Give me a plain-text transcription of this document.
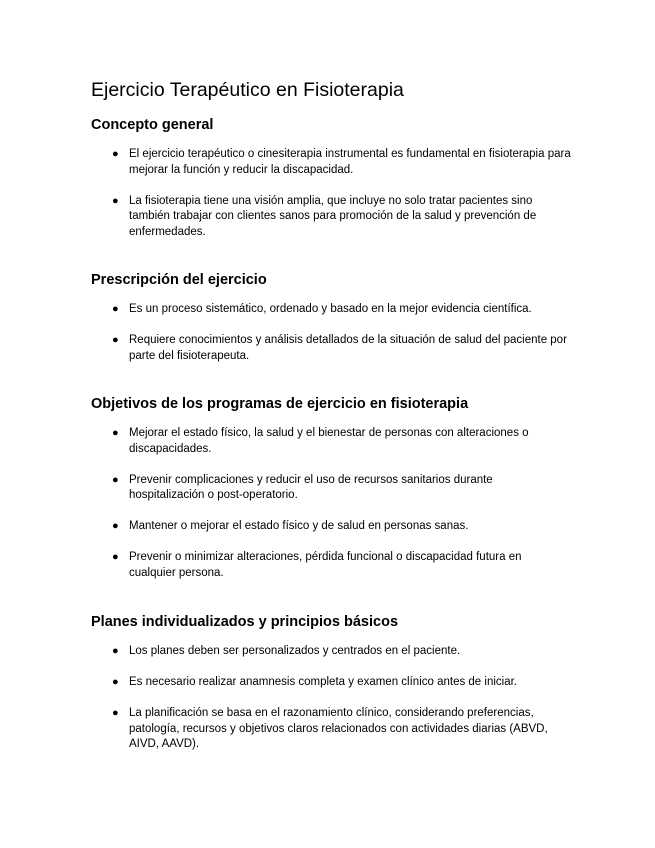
Ejercicio Terapéutico en Fisioterapia
Concepto general
● El ejercicio terapéutico o cinesiterapia instrumental es fundamental en fisioterapia para mejorar la función y reducir la discapacidad.
● La fisioterapia tiene una visión amplia, que incluye no solo tratar pacientes sino también trabajar con clientes sanos para promoción de la salud y prevención de enfermedades.
Prescripción del ejercicio
● Es un proceso sistemático, ordenado y basado en la mejor evidencia científica.
● Requiere conocimientos y análisis detallados de la situación de salud del paciente por parte del fisioterapeuta.
Objetivos de los programas de ejercicio en fisioterapia
● Mejorar el estado físico, la salud y el bienestar de personas con alteraciones o discapacidades.
● Prevenir complicaciones y reducir el uso de recursos sanitarios durante hospitalización o post-operatorio.
● Mantener o mejorar el estado físico y de salud en personas sanas.
● Prevenir o minimizar alteraciones, pérdida funcional o discapacidad futura en cualquier persona.
Planes individualizados y principios básicos
● Los planes deben ser personalizados y centrados en el paciente.
● Es necesario realizar anamnesis completa y examen clínico antes de iniciar.
● La planificación se basa en el razonamiento clínico, considerando preferencias, patología, recursos y objetivos claros relacionados con actividades diarias (ABVD, AIVD, AAVD).
